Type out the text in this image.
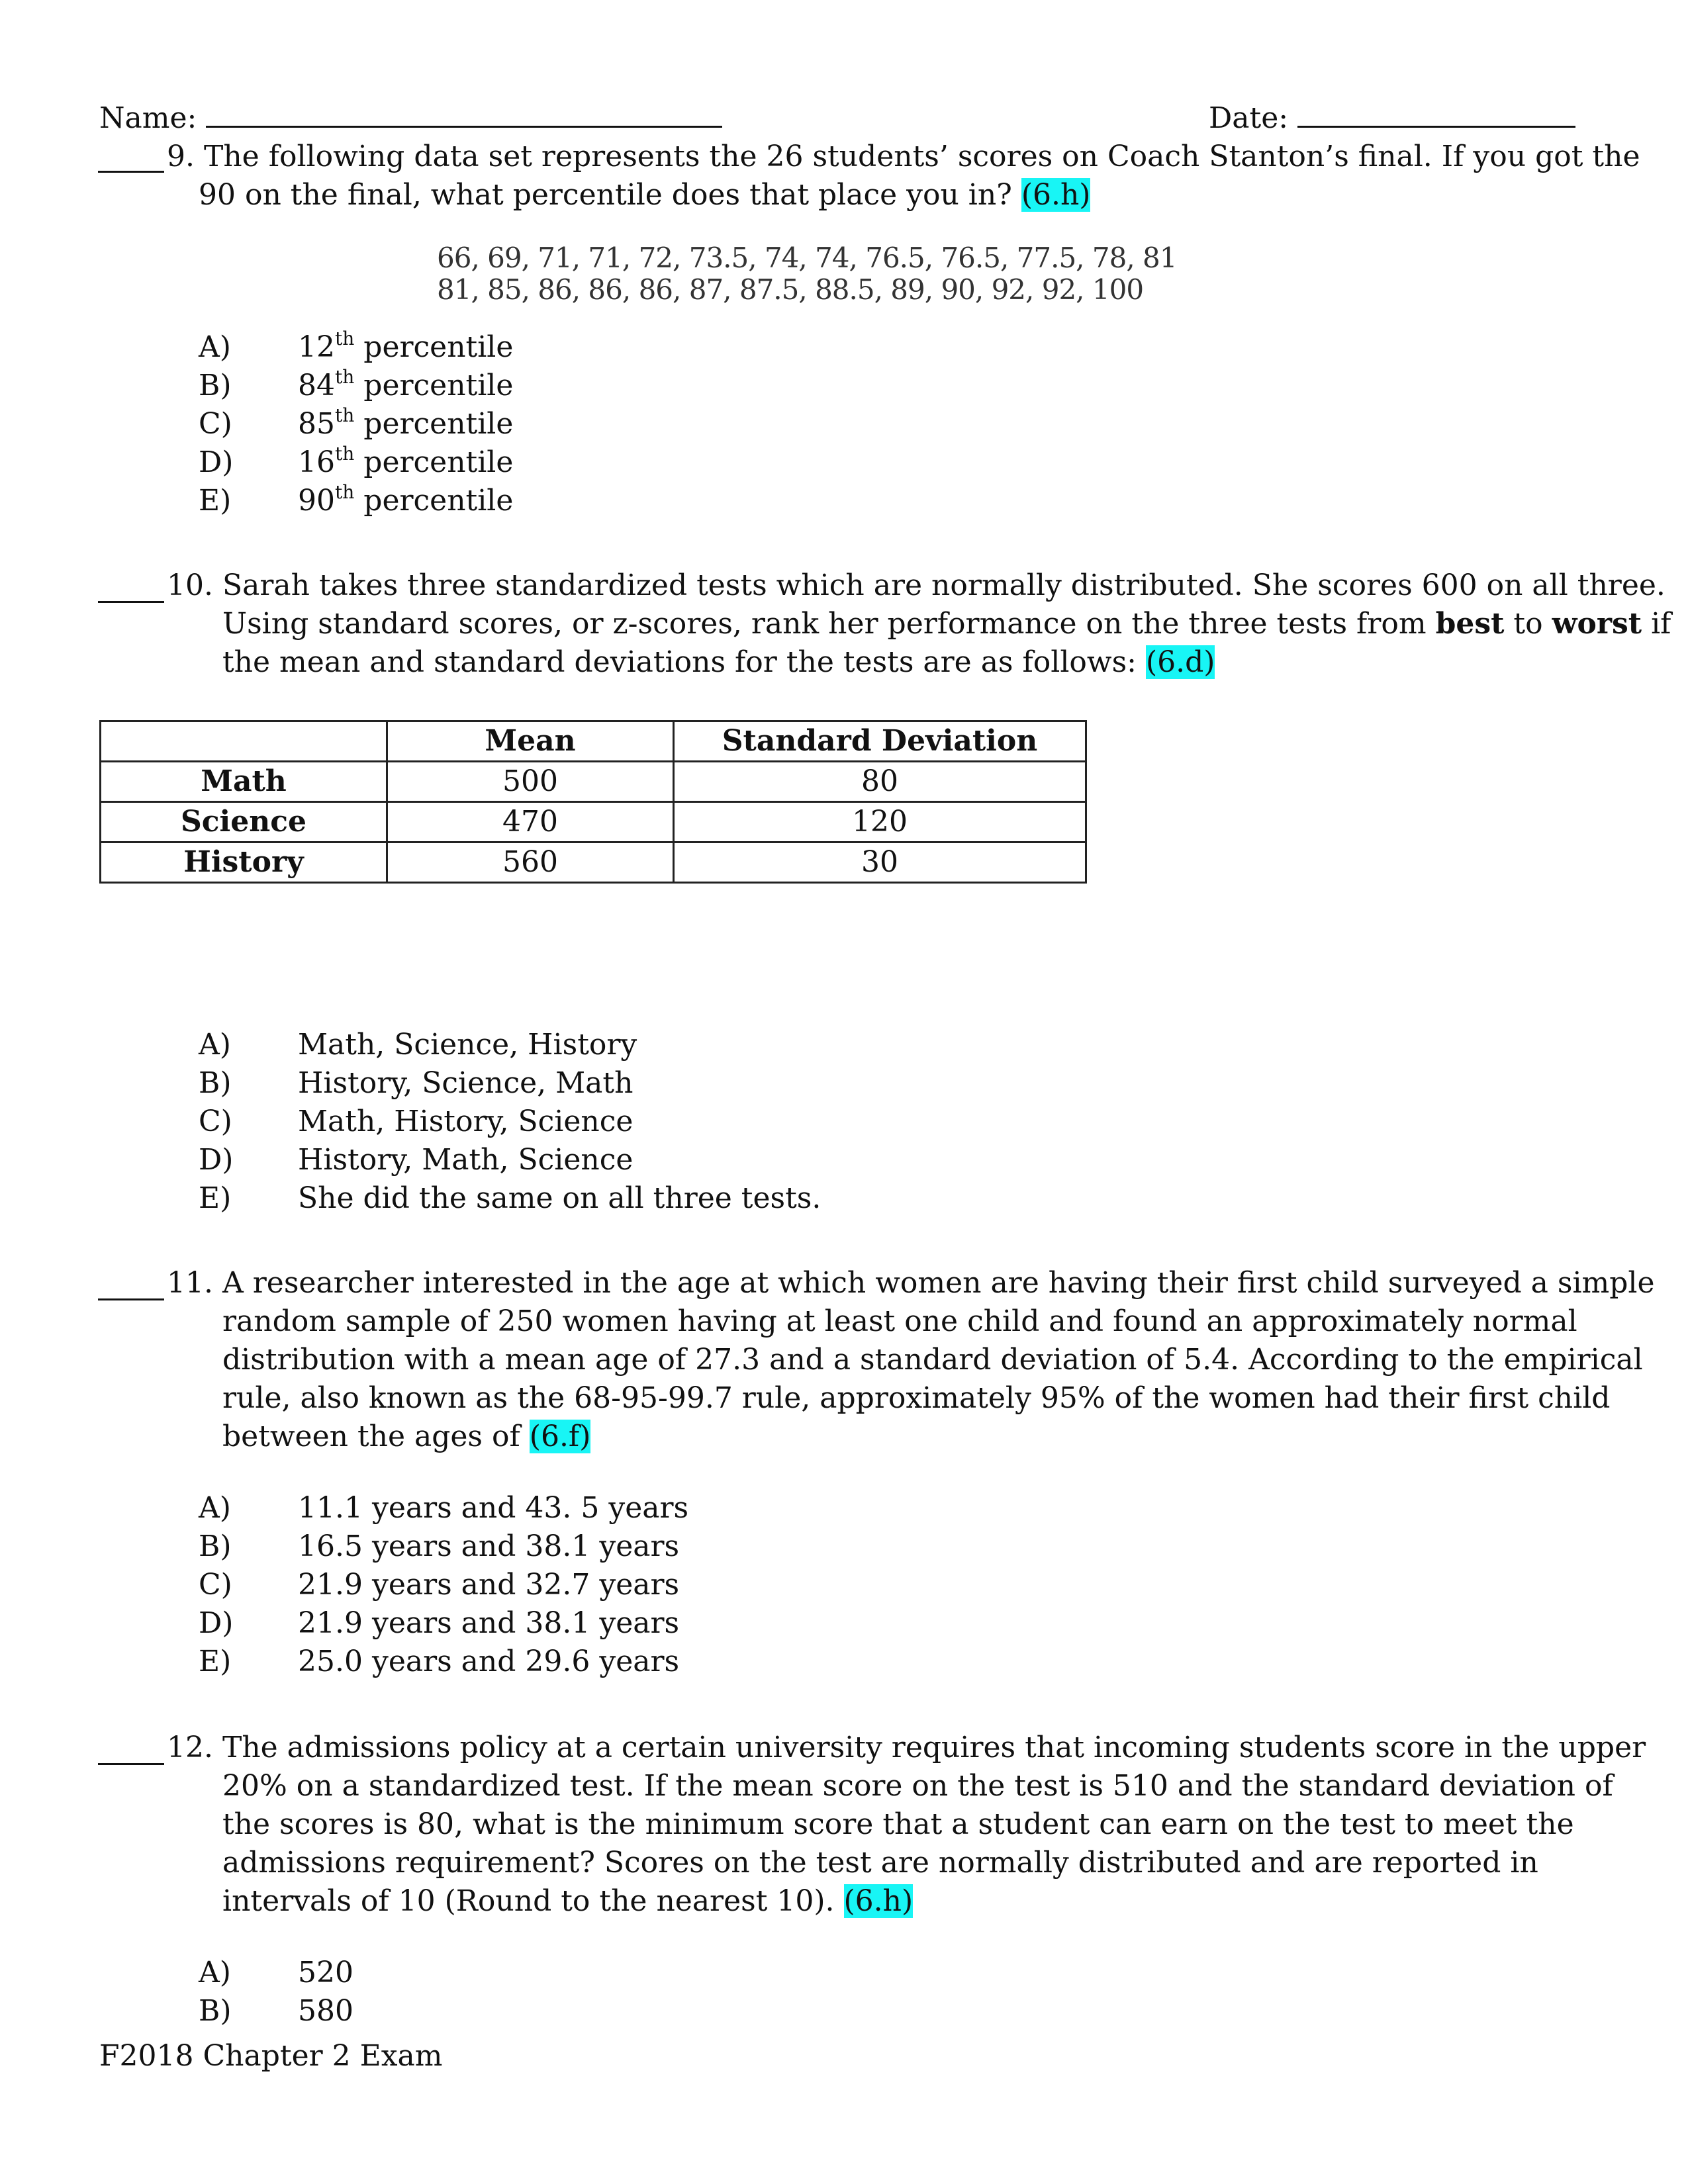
Name:	Date:
9. The following data set represents the 26 students’ scores on Coach Stanton’s final. If you got the
90 on the final, what percentile does that place you in? (6.h)
66, 69, 71, 71, 72, 73.5, 74, 74, 76.5, 76.5, 77.5, 78, 81
81, 85, 86, 86, 86, 87, 87.5, 88.5, 89, 90, 92, 92, 100
A) 12th percentile
B) 84th percentile
C) 85th percentile
D) 16th percentile
E) 90th percentile
10. Sarah takes three standardized tests which are normally distributed. She scores 600 on all three.
Using standard scores, or z-scores, rank her performance on the three tests from best to worst if
the mean and standard deviations for the tests are as follows: (6.d)
	Mean	Standard Deviation
Math	500	80
Science	470	120
History	560	30
A) Math, Science, History
B) History, Science, Math
C) Math, History, Science
D) History, Math, Science
E) She did the same on all three tests.
11. A researcher interested in the age at which women are having their first child surveyed a simple
random sample of 250 women having at least one child and found an approximately normal
distribution with a mean age of 27.3 and a standard deviation of 5.4. According to the empirical
rule, also known as the 68-95-99.7 rule, approximately 95% of the women had their first child
between the ages of (6.f)
A) 11.1 years and 43. 5 years
B) 16.5 years and 38.1 years
C) 21.9 years and 32.7 years
D) 21.9 years and 38.1 years
E) 25.0 years and 29.6 years
12. The admissions policy at a certain university requires that incoming students score in the upper
20% on a standardized test. If the mean score on the test is 510 and the standard deviation of
the scores is 80, what is the minimum score that a student can earn on the test to meet the
admissions requirement? Scores on the test are normally distributed and are reported in
intervals of 10 (Round to the nearest 10). (6.h)
A) 520
B) 580
F2018 Chapter 2 Exam
